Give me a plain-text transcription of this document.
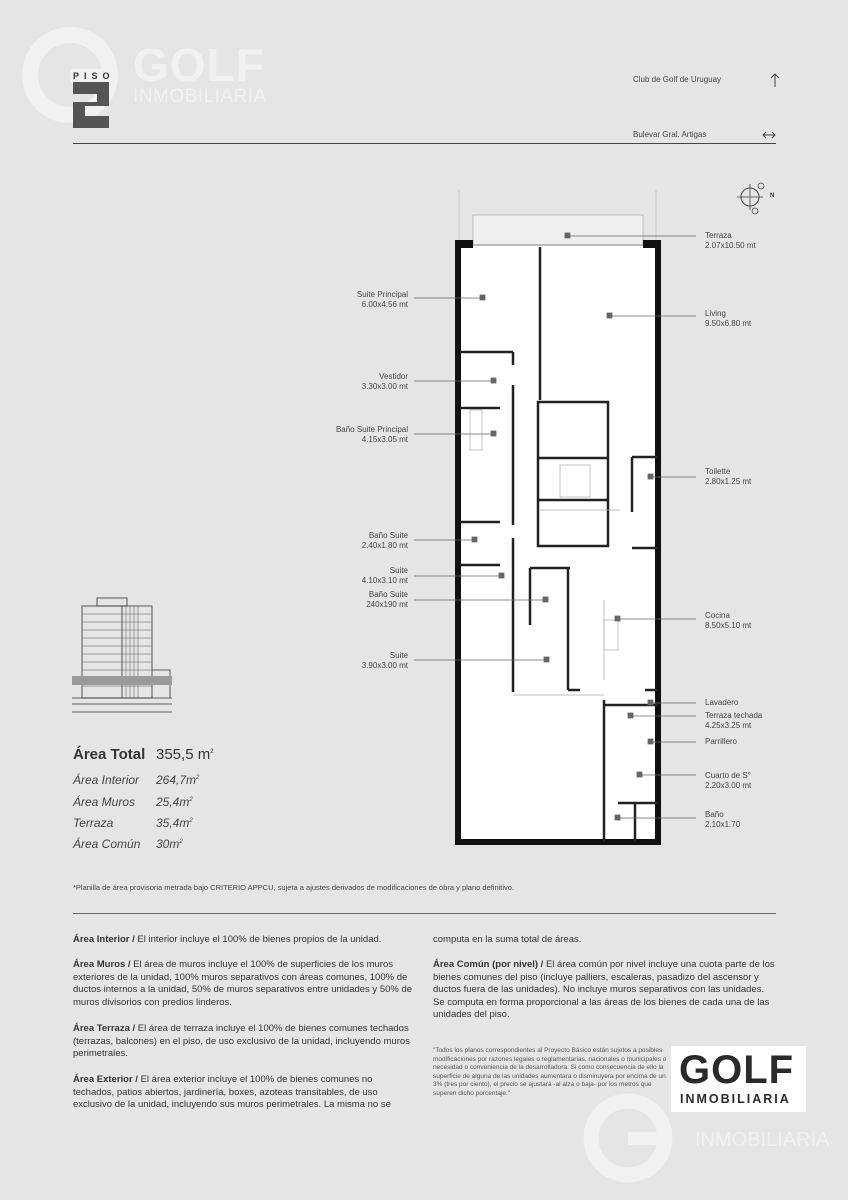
GOLF
INMOBILIARIA
PISO	Club de Golf de Uruguay
Bulevar Gral. Artigas
N
Terraza
2.07x10.50 mt
Living
9.50x6.80 mt
Toilette
2.80x1.25 mt
Cocina
8.50x5.10 mt
Lavadero
Terraza techada
4.25x3.25 mt
Parrillero
Cuarto de S°
2.20x3.00 mt
Baño
2.10x1.70
Suite Principal
6.00x4.56 mt
Vestidor
3.30x3.00 mt
Baño Suite Principal
4.15x3.05 mt
Baño Suite
2.40x1.80 mt
Suite
4.10x3.10 mt
Baño Suite
240x190 mt
Suite
3.90x3.00 mt
Área Total 355,5 $m^2$
Área Interior $264,7m^2$
Área Muros $25,4m^2$
Terraza	$35,4m^2$
Área Común $30m^2$
*Planilla de área provisoria metrada bajo CRITERIO APPCU, sujeta a ajustes derivados de modificaciones de obra y plano definitivo.
Área Interior / El interior incluye el 100% de bienes propios de la unidad.
Área Muros / El área de muros incluye el 100% de superficies de los muros exteriores de la unidad, 100% muros separativos con áreas comunes, 100% de ductos internos a la unidad, 50% de muros separativos entre unidades y 50% de muros divisorios con predios linderos.
Área Terraza / El área de terraza incluye el 100% de bienes comunes techados (terrazas, balcones) en el piso, de uso exclusivo de la unidad, incluyendo muros perimetrales.
Área Exterior / El área exterior incluye el 100% de bienes comunes no techados, patios abiertos, jardinería, boxes, azoteas transitables, de uso exclusivo de la unidad, incluyendo sus muros perimetrales. La misma no se
computa en la suma total de áreas.
Área Común (por nivel) / El área común por nivel incluye una cuota parte de los bienes comunes del piso (incluye palliers, escaleras, pasadizo del ascensor y ductos fuera de las unidades). No incluye muros separativos con las unidades. Se computa en forma proporcional a las áreas de los bienes de cada una de las unidades del piso.
"Todos los planos correspondientes al Proyecto Básico están sujetos a posibles modificaciones por razones legales o reglamentarias, nacionales o municipales o necesidad o conveniencia de la desarrolladora. Si como consecuencia de ello la superficie de alguna de las unidades aumentara o disminuyera por encima de un 3% (tres por ciento), el precio se ajustará -al alza o baja- por los metros que superen dicho porcentaje."
INMOBILIARIA
GOLF
INMOBILIARIA
